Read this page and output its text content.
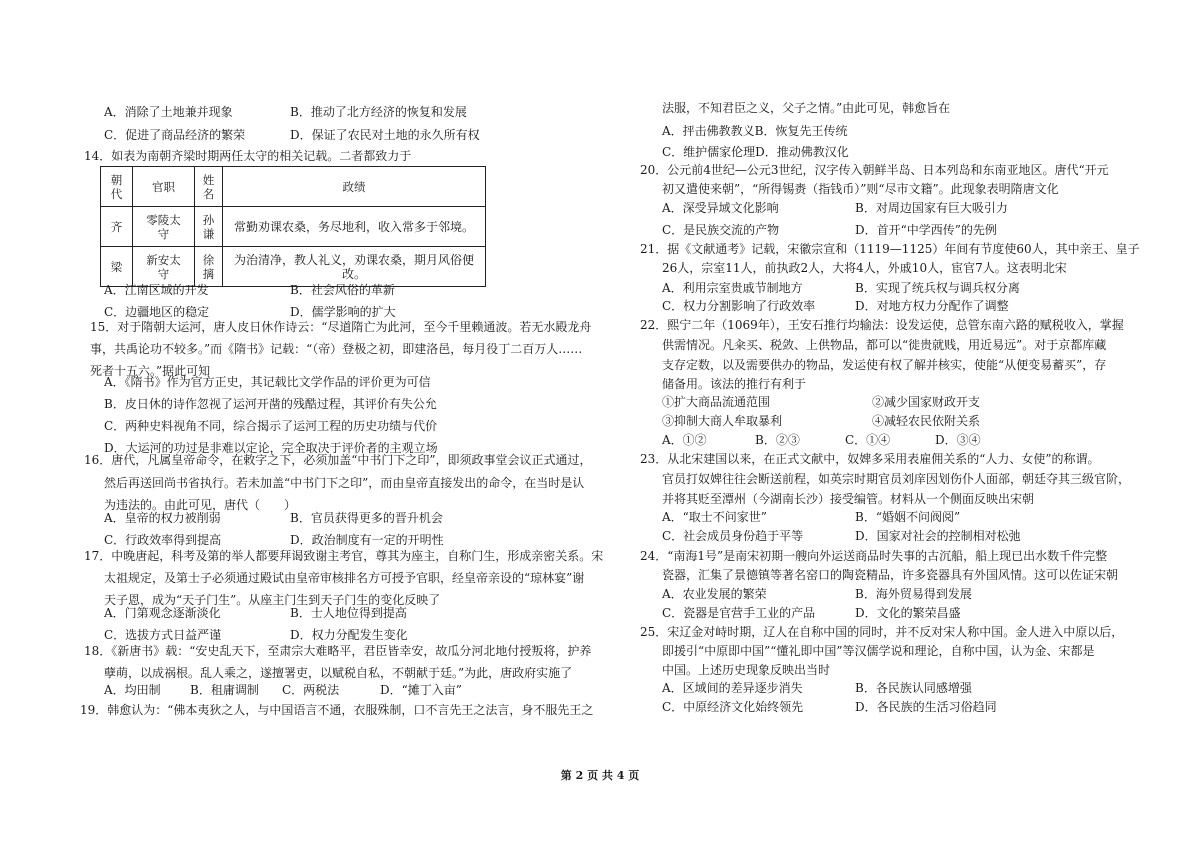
A．消除了土地兼并现象	B．推动了北方经济的恢复和发展
C．促进了商品经济的繁荣	D．保证了农民对土地的永久所有权
14．如表为南朝齐梁时期两任太守的相关记载。二者都致力于
A．江南区域的开发	B．社会风俗的革新
C．边疆地区的稳定	D．儒学影响的扩大
15．对于隋朝大运河，唐人皮日休作诗云：“尽道隋亡为此河，至今千里赖通波。若无水殿龙舟
事，共禹论功不较多。”而《隋书》记载：“（帝）登极之初，即建洛邑，每月役丁二百万人……
死者十五六。”据此可知
A．《隋书》作为官方正史，其记载比文学作品的评价更为可信
B．皮日休的诗作忽视了运河开凿的残酷过程，其评价有失公允
C．两种史料视角不同，综合揭示了运河工程的历史功绩与代价
D．大运河的功过是非难以定论，完全取决于评价者的主观立场
16．唐代，凡属皇帝命令，在敕字之下，必须加盖“中书门下之印”，即须政事堂会议正式通过，
然后再送回尚书省执行。若未加盖“中书门下之印”，而由皇帝直接发出的命令，在当时是认
为违法的。由此可见，唐代（　　）
A．皇帝的权力被削弱	B．官员获得更多的晋升机会
C．行政效率得到提高	D．政治制度有一定的开明性
17．中晚唐起，科考及第的举人都要拜谒致谢主考官，尊其为座主，自称门生，形成亲密关系。宋
太祖规定，及第士子必须通过殿试由皇帝审核排名方可授予官职，经皇帝亲设的“琼林宴”谢
天子恩，成为“天子门生”。从座主门生到天子门生的变化反映了
A．门第观念逐渐淡化	B．士人地位得到提高
C．选拔方式日益严谨	D．权力分配发生变化
18．《新唐书》载：“安史乱天下，至肃宗大难略平，君臣皆幸安，故瓜分河北地付授叛将，护养
孽萌，以成祸根。乱人乘之，遂擅署吏，以赋税自私，不朝献于廷。”为此，唐政府实施了
A．均田制 B．租庸调制 C．两税法	D．“摊丁入亩”
19．韩愈认为：“佛本夷狄之人，与中国语言不通，衣服殊制，口不言先王之法言，身不服先王之
法服，不知君臣之义，父子之情。”由此可见，韩愈旨在
A．抨击佛教教义B．恢复先王传统
C．维护儒家伦理D．推动佛教汉化
20．公元前4世纪—公元3世纪，汉字传入朝鲜半岛、日本列岛和东南亚地区。唐代“开元
初又遣使来朝”，“所得锡赉（指钱币）”则“尽市文籍”。此现象表明隋唐文化
A．深受异域文化影响	B．对周边国家有巨大吸引力
C．是民族交流的产物	D．首开“中学西传”的先例
21．据《文献通考》记载，宋徽宗宣和（1119—1125）年间有节度使60人，其中亲王、皇子
26人，宗室11人，前执政2人，大将4人，外戚10人，宦官7人。这表明北宋
A．利用宗室贵戚节制地方	B．实现了统兵权与调兵权分离
C．权力分割影响了行政效率	D．对地方权力分配作了调整
22．熙宁二年（1069年），王安石推行均输法：设发运使，总管东南六路的赋税收入，掌握
供需情况。凡籴买、税敛、上供物品，都可以“徙贵就贱，用近易远”。对于京都库藏
支存定数，以及需要供办的物品，发运使有权了解并核实，使能“从便变易蓄买”，存
储备用。该法的推行有利于
①扩大商品流通范围	②减少国家财政开支
③抑制大商人牟取暴利	④减轻农民依附关系
A．①②	B．②③	C．①④	D．③④
23．从北宋建国以来，在正式文献中，奴婢多采用表雇佣关系的“人力、女使”的称谓。
官员打奴婢往往会断送前程，如英宗时期官员刘庠因划伤仆人面部，朝廷夺其三级官阶，
并将其贬至潭州（今湖南长沙）接受编管。材料从一个侧面反映出宋朝
A．“取士不问家世”	B．“婚姻不问阀阅”
C．社会成员身份趋于平等	D．国家对社会的控制相对松弛
24．“南海1号”是南宋初期一艘向外运送商品时失事的古沉船，船上现已出水数千件完整
瓷器，汇集了景德镇等著名窑口的陶瓷精品，许多瓷器具有外国风情。这可以佐证宋朝
A．农业发展的繁荣	B．海外贸易得到发展
C．瓷器是官营手工业的产品	D．文化的繁荣昌盛
25．宋辽金对峙时期，辽人在自称中国的同时，并不反对宋人称中国。金人进入中原以后，
即援引“中原即中国”“懂礼即中国”等汉儒学说和理论，自称中国，认为金、宋都是
中国。上述历史现象反映出当时
A．区域间的差异逐步消失	B．各民族认同感增强
C．中原经济文化始终领先	D．各民族的生活习俗趋同
朝代	官职	姓名	政绩
齐	零陵太守	孙谦	常勤劝课农桑，务尽地利，收入常多于邻境。
梁	新安太守	徐摛	为治清净，教人礼义，劝课农桑，期月风俗便改。
第 2 页 共 4 页
